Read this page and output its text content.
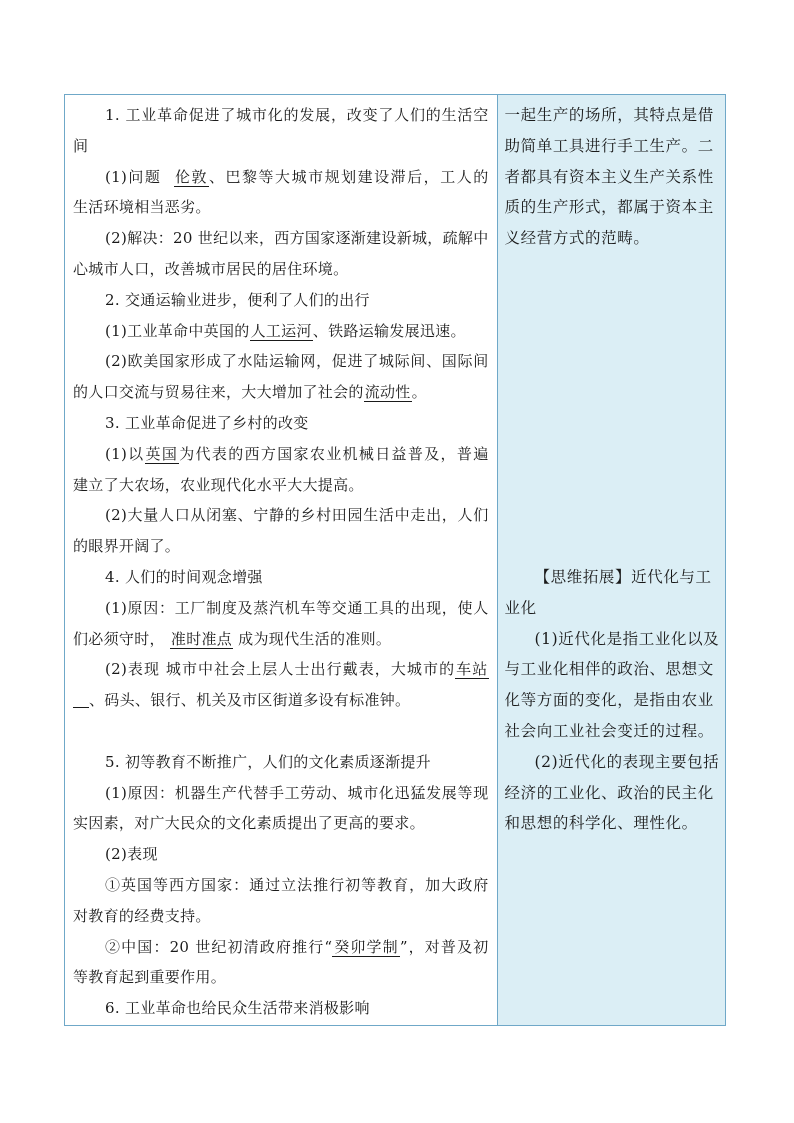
1. 工业革命促进了城市化的发展，改变了人们的生活空
间
(1)问题 伦敦、巴黎等大城市规划建设滞后，工人的
生活环境相当恶劣。
(2)解决：20 世纪以来，西方国家逐渐建设新城，疏解中
心城市人口，改善城市居民的居住环境。
2. 交通运输业进步，便利了人们的出行
(1)工业革命中英国的人工运河、铁路运输发展迅速。
(2)欧美国家形成了水陆运输网，促进了城际间、国际间
的人口交流与贸易往来，大大增加了社会的流动性。
3. 工业革命促进了乡村的改变
(1)以英国为代表的西方国家农业机械日益普及，普遍
建立了大农场，农业现代化水平大大提高。
(2)大量人口从闭塞、宁静的乡村田园生活中走出，人们
的眼界开阔了。
4. 人们的时间观念增强
(1)原因：工厂制度及蒸汽机车等交通工具的出现，使人
们必须守时， 准时准点 成为现代生活的准则。
(2)表现 城市中社会上层人士出行戴表，大城市的车站
、码头、银行、机关及市区街道多设有标准钟。
5. 初等教育不断推广，人们的文化素质逐渐提升
(1)原因：机器生产代替手工劳动、城市化迅猛发展等现
实因素，对广大民众的文化素质提出了更高的要求。
(2)表现
①英国等西方国家：通过立法推行初等教育，加大政府
对教育的经费支持。
②中国：20 世纪初清政府推行“癸卯学制”，对普及初
等教育起到重要作用。
6. 工业革命也给民众生活带来消极影响
一起生产的场所，其特点是借
助简单工具进行手工生产。二
者都具有资本主义生产关系性
质的生产形式，都属于资本主
义经营方式的范畴。
【思维拓展】近代化与工
业化
(1)近代化是指工业化以及
与工业化相伴的政治、思想文
化等方面的变化，是指由农业
社会向工业社会变迁的过程。
(2)近代化的表现主要包括
经济的工业化、政治的民主化
和思想的科学化、理性化。
